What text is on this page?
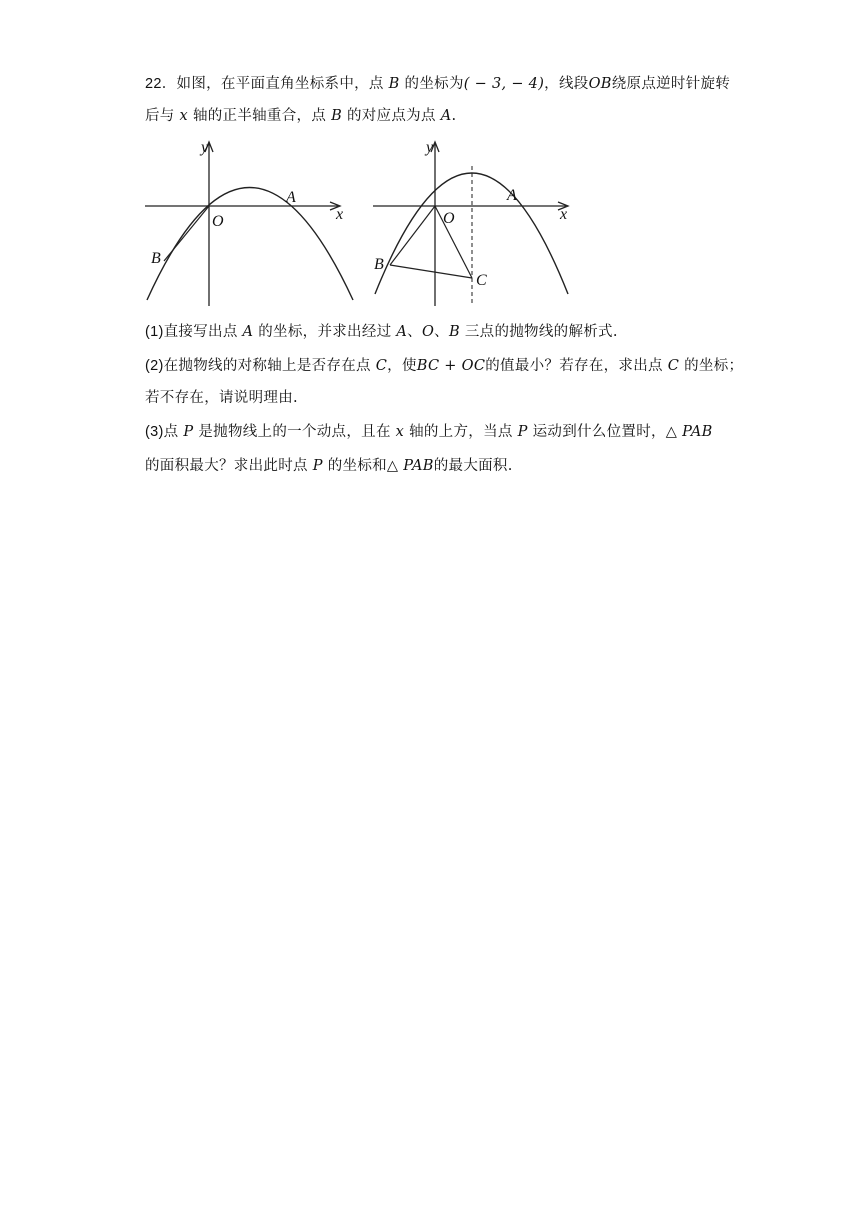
22．如图，在平面直角坐标系中，点 B 的坐标为( − 3, − 4)，线段OB绕原点逆时针旋转
后与 x 轴的正半轴重合，点 B 的对应点为点 A.
y
x
O
A
B
y
x
O
A
B
C
(1)直接写出点 A 的坐标，并求出经过 A、O、B 三点的抛物线的解析式.
(2)在抛物线的对称轴上是否存在点 C，使BC + OC的值最小？若存在，求出点 C 的坐标；
若不存在，请说明理由.
(3)点 P 是抛物线上的一个动点，且在 x 轴的上方，当点 P 运动到什么位置时，△ PAB
的面积最大？求出此时点 P 的坐标和△ PAB的最大面积.
